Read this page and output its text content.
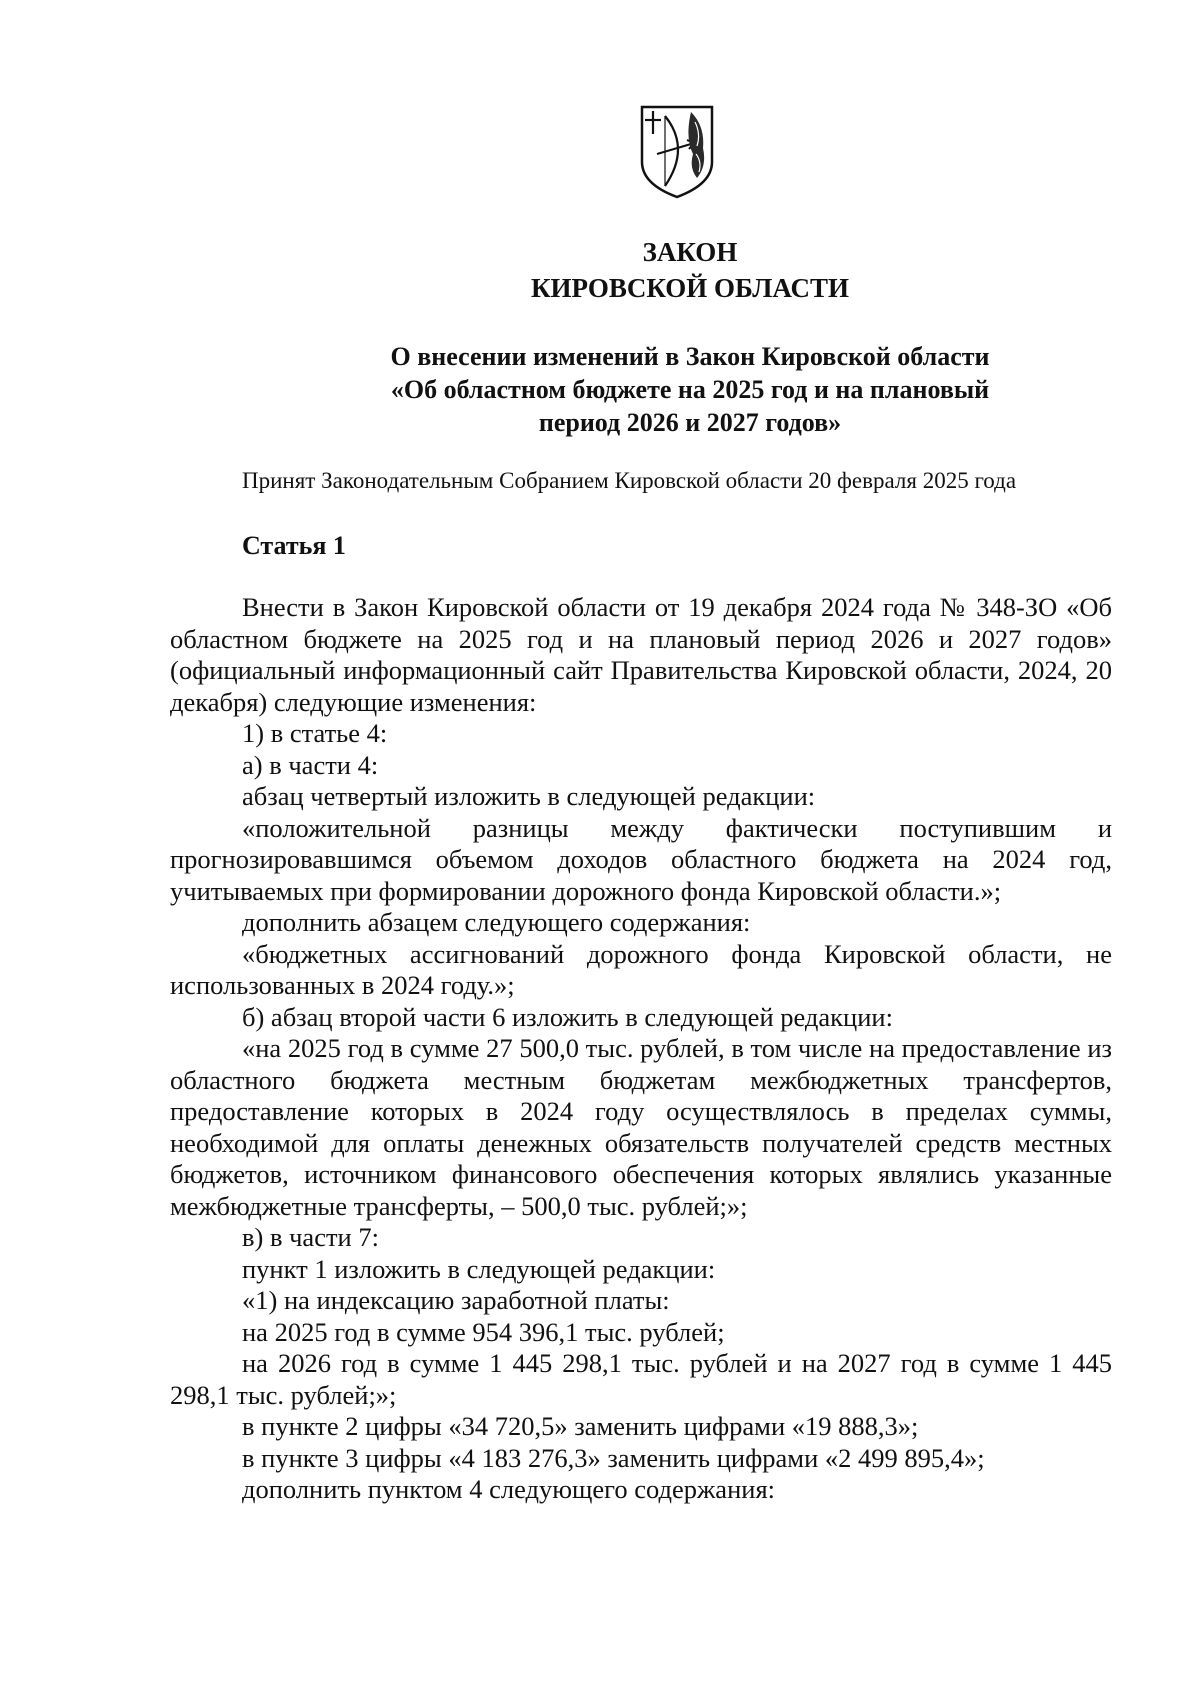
ЗАКОН
КИРОВСКОЙ ОБЛАСТИ
О внесении изменений в Закон Кировской области
«Об областном бюджете на 2025 год и на плановый
период 2026 и 2027 годов»
Принят Законодательным Собранием Кировской области 20 февраля 2025 года
Статья 1

Внести в Закон Кировской области от 19 декабря 2024 года № 348-ЗО «Об областном бюджете на 2025 год и на плановый период 2026 и 2027 годов» (официальный информационный сайт Правительства Кировской области, 2024, 20 декабря) следующие изменения:

1) в статье 4:

а) в части 4:

абзац четвертый изложить в следующей редакции:

«положительной разницы между фактически поступившим и прогнозировавшимся объемом доходов областного бюджета на 2024 год, учитываемых при формировании дорожного фонда Кировской области.»;

дополнить абзацем следующего содержания:

«бюджетных ассигнований дорожного фонда Кировской области, не использованных в 2024 году.»;

б) абзац второй части 6 изложить в следующей редакции:

«на 2025 год в сумме 27 500,0 тыс. рублей, в том числе на предоставление из областного бюджета местным бюджетам межбюджетных трансфертов, предоставление которых в 2024 году осуществлялось в пределах суммы, необходимой для оплаты денежных обязательств получателей средств местных бюджетов, источником финансового обеспечения которых являлись указанные межбюджетные трансферты, – 500,0 тыс. рублей;»;

в) в части 7:

пункт 1 изложить в следующей редакции:

«1) на индексацию заработной платы:

на 2025 год в сумме 954 396,1 тыс. рублей;

на 2026 год в сумме 1 445 298,1 тыс. рублей и на 2027 год в сумме 1 445 298,1 тыс. рублей;»;

в пункте 2 цифры «34 720,5» заменить цифрами «19 888,3»;

в пункте 3 цифры «4 183 276,3» заменить цифрами «2 499 895,4»;

дополнить пунктом 4 следующего содержания:
